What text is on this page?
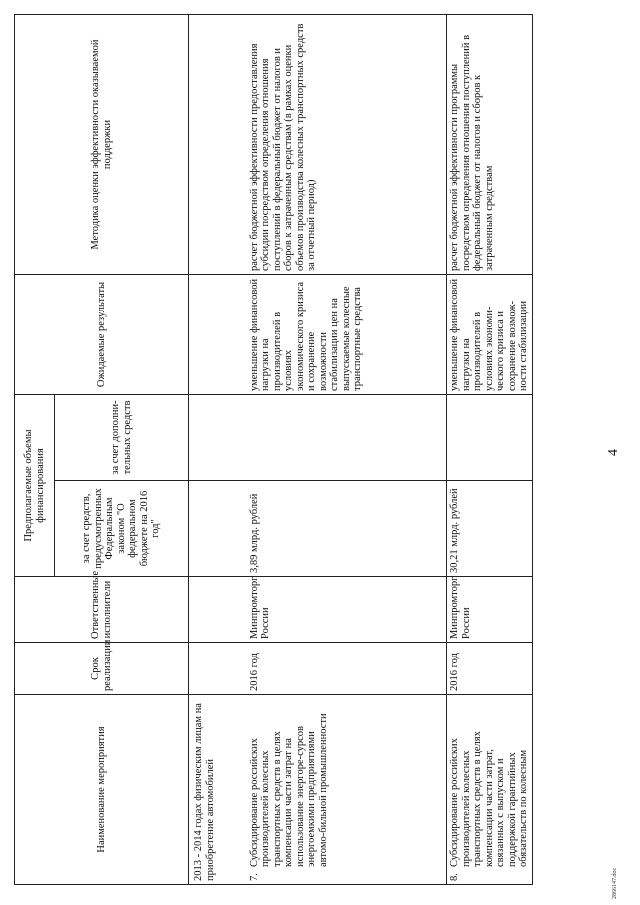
Наименование мероприятия	Срок реализации	Ответственные исполнители	Предполагаемые объемы финансирования		Ожидаемые результаты	Методика оценки эффективности оказываемой поддержки
			за счет средств, предусмотренных Федеральным законом "О федеральном бюджете на 2016 год"	за счет дополни-тельных средств		
2013 - 2014 годах физическим лицам на приобретение автомобилей						
7.Субсидирование российских производителей колесных транспортных средств в целях компенсации части затрат на использование энергоре-сурсов энергоемкими предприятиями автомо-бильной промышленности	2016 год	Минпромторг России	3,89 млрд. рублей		уменьшение финансовой нагрузки на производителей в условиях экономического кризиса и сохранение возможности стабилизации цен на выпускаемые колесные транспортные средства	расчет бюджетной эффективности предоставления субсидии посредством определения отношения поступлений в федеральный бюджет от налогов и сборов к затраченным средствам (в рамках оценки объемов производства колесных транспортных средств за отчетный период)
8.Субсидирование российских производителей колесных транспортных средств в целях компенсации части затрат, связанных с выпуском и поддержкой гарантийных обязательств по колесным	2016 год	Минпромторг России	30,21 млрд. рублей		уменьшение финансовой нагрузки на производителей в условиях экономи-ческого кризиса и сохранение возмож-ности стабилизации	расчет бюджетной эффективности программы посредством определения отношения поступлений в федеральный бюджет от налогов и сборов к затраченным средствам
4
2866147.doc
